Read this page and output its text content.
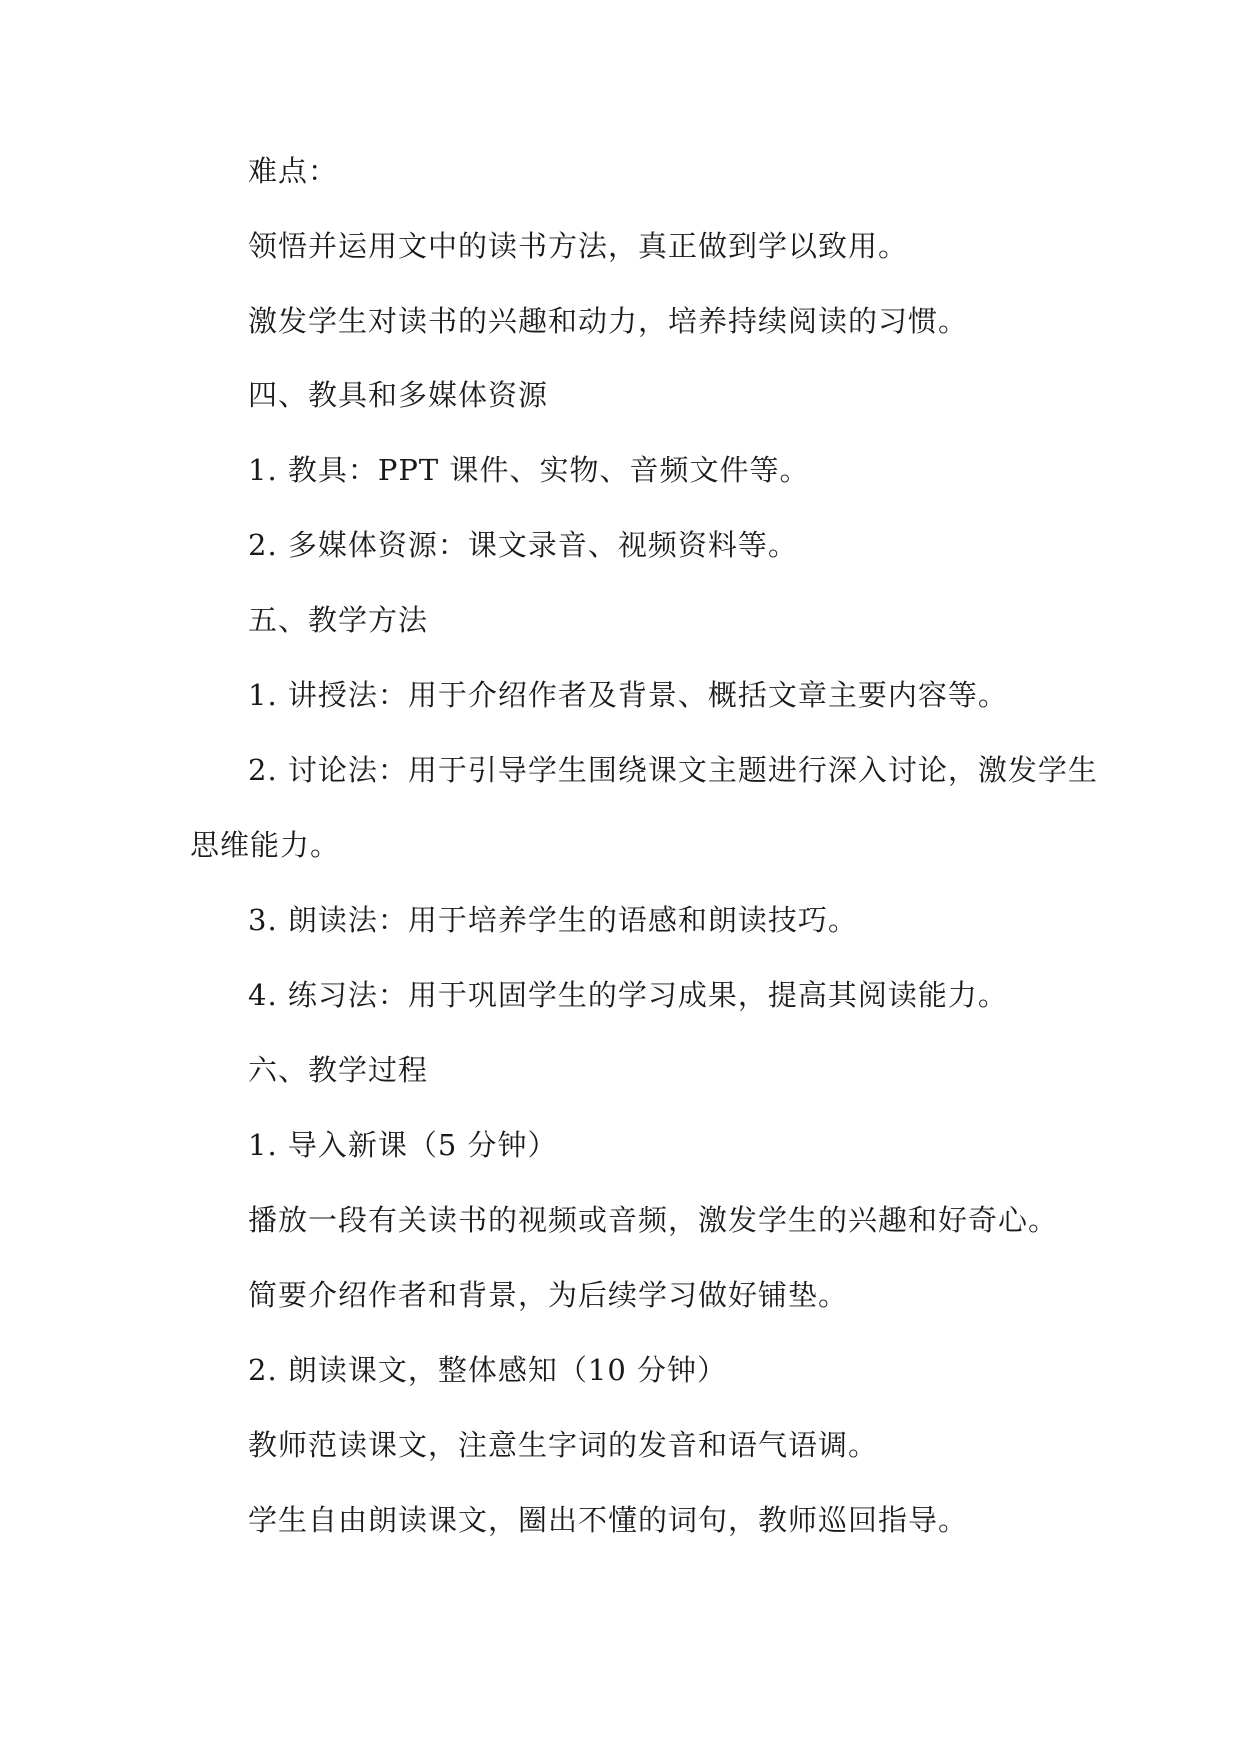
难点：
领悟并运用文中的读书方法，真正做到学以致用。
激发学生对读书的兴趣和动力，培养持续阅读的习惯。
四、教具和多媒体资源
1. 教具：PPT 课件、实物、音频文件等。
2. 多媒体资源：课文录音、视频资料等。
五、教学方法
1. 讲授法：用于介绍作者及背景、概括文章主要内容等。
2. 讨论法：用于引导学生围绕课文主题进行深入讨论，激发学生
思维能力。
3. 朗读法：用于培养学生的语感和朗读技巧。
4. 练习法：用于巩固学生的学习成果，提高其阅读能力。
六、教学过程
1. 导入新课（5 分钟）
播放一段有关读书的视频或音频，激发学生的兴趣和好奇心。
简要介绍作者和背景，为后续学习做好铺垫。
2. 朗读课文，整体感知（10 分钟）
教师范读课文，注意生字词的发音和语气语调。
学生自由朗读课文，圈出不懂的词句，教师巡回指导。
